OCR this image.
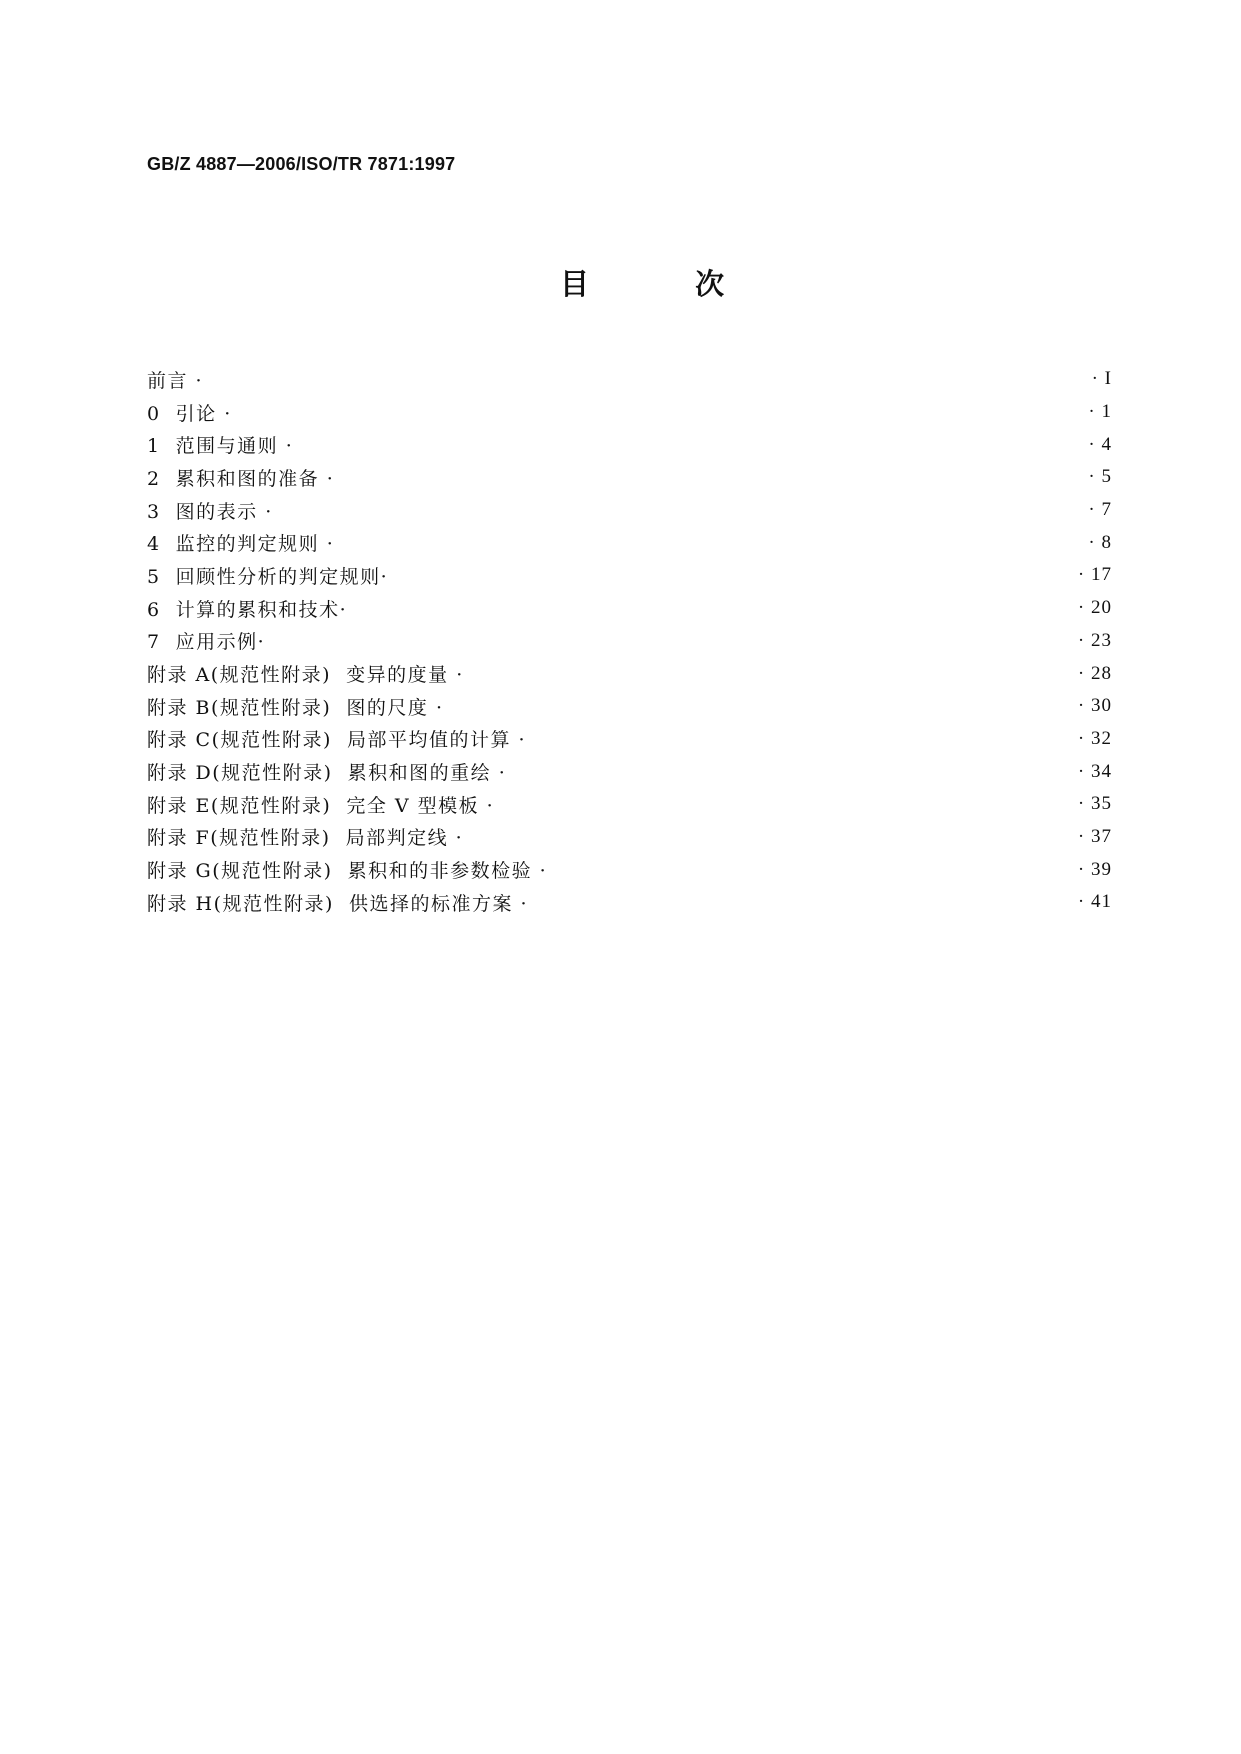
GB/Z 4887—2006/ISO/TR 7871:1997
目 次
前言 ·	· I
0  引论 ·	· 1
1  范围与通则 ·	· 4
2  累积和图的准备 ·	· 5
3  图的表示 ·	· 7
4  监控的判定规则 ·	· 8
5  回顾性分析的判定规则·	· 17
6  计算的累积和技术·	· 20
7  应用示例·	· 23
附录 A(规范性附录)  变异的度量 ·	· 28
附录 B(规范性附录)  图的尺度 ·	· 30
附录 C(规范性附录)  局部平均值的计算 ·	· 32
附录 D(规范性附录)  累积和图的重绘 ·	· 34
附录 E(规范性附录)  完全 V 型模板 ·	· 35
附录 F(规范性附录)  局部判定线 ·	· 37
附录 G(规范性附录)  累积和的非参数检验 ·	· 39
附录 H(规范性附录)  供选择的标准方案 ·	· 41
